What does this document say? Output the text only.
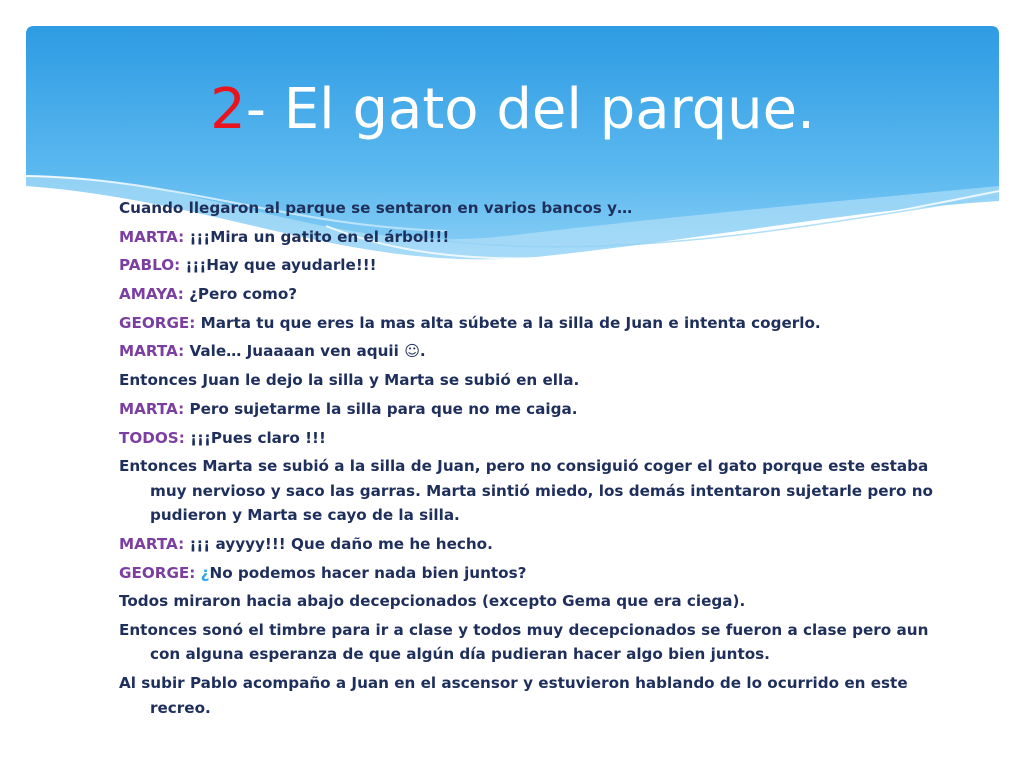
2- El gato del parque.

Cuando llegaron al parque se sentaron en varios bancos y…

MARTA: ¡¡¡Mira un gatito en el árbol!!!

PABLO: ¡¡¡Hay que ayudarle!!!

AMAYA: ¿Pero como?

GEORGE: Marta tu que eres la mas alta súbete a la silla de Juan e intenta cogerlo.

MARTA: Vale… Juaaaan ven aquii ☺.

Entonces Juan le dejo la silla y Marta se subió en ella.

MARTA: Pero sujetarme la silla para que no me caiga.

TODOS: ¡¡¡Pues claro !!!

Entonces Marta se subió a la silla de Juan, pero no consiguió coger el gato porque este estaba muy nervioso y saco las garras. Marta sintió miedo, los demás intentaron sujetarle pero no pudieron y Marta se cayo de la silla.

MARTA: ¡¡¡ ayyyy!!! Que daño me he hecho.

GEORGE: ¿No podemos hacer nada bien juntos?

Todos miraron hacia abajo decepcionados (excepto Gema que era ciega).

Entonces sonó el timbre para ir a clase y todos muy decepcionados se fueron a clase pero aun con alguna esperanza de que algún día pudieran hacer algo bien juntos.

Al subir Pablo acompaño a Juan en el ascensor y estuvieron hablando de lo ocurrido en este recreo.
